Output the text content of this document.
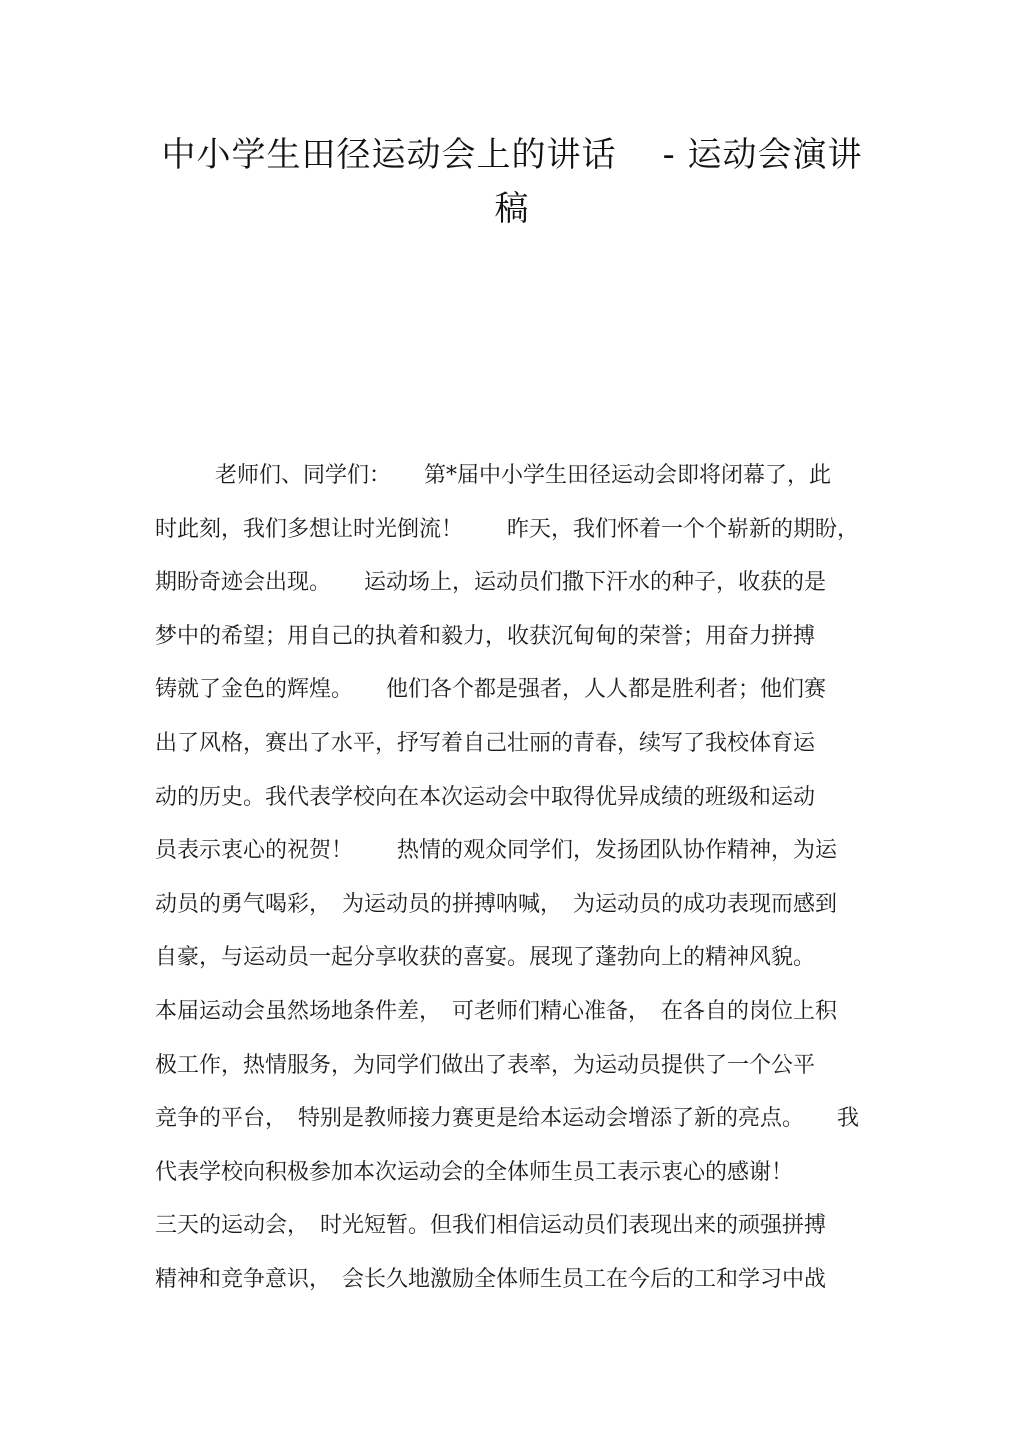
中小学生田径运动会上的讲话 - 运动会演讲
稿
老师们、同学们：　　第*届中小学生田径运动会即将闭幕了，此
时此刻，我们多想让时光倒流！　　昨天，我们怀着一个个崭新的期盼，
期盼奇迹会出现。　　运动场上，运动员们撒下汗水的种子，收获的是
梦中的希望；用自己的执着和毅力，收获沉甸甸的荣誉；用奋力拼搏
铸就了金色的辉煌。　　他们各个都是强者，人人都是胜利者；他们赛
出了风格，赛出了水平，抒写着自己壮丽的青春，续写了我校体育运
动的历史。我代表学校向在本次运动会中取得优异成绩的班级和运动
员表示衷心的祝贺！　　热情的观众同学们，发扬团队协作精神，为运
动员的勇气喝彩，　为运动员的拼搏呐喊，　为运动员的成功表现而感到
自豪，与运动员一起分享收获的喜宴。展现了蓬勃向上的精神风貌。
本届运动会虽然场地条件差，　可老师们精心准备，　在各自的岗位上积
极工作，热情服务，为同学们做出了表率，为运动员提供了一个公平
竞争的平台，　特别是教师接力赛更是给本运动会增添了新的亮点。　　我
代表学校向积极参加本次运动会的全体师生员工表示衷心的感谢！
三天的运动会，　时光短暂。但我们相信运动员们表现出来的顽强拼搏
精神和竞争意识，　会长久地激励全体师生员工在今后的工和学习中战
